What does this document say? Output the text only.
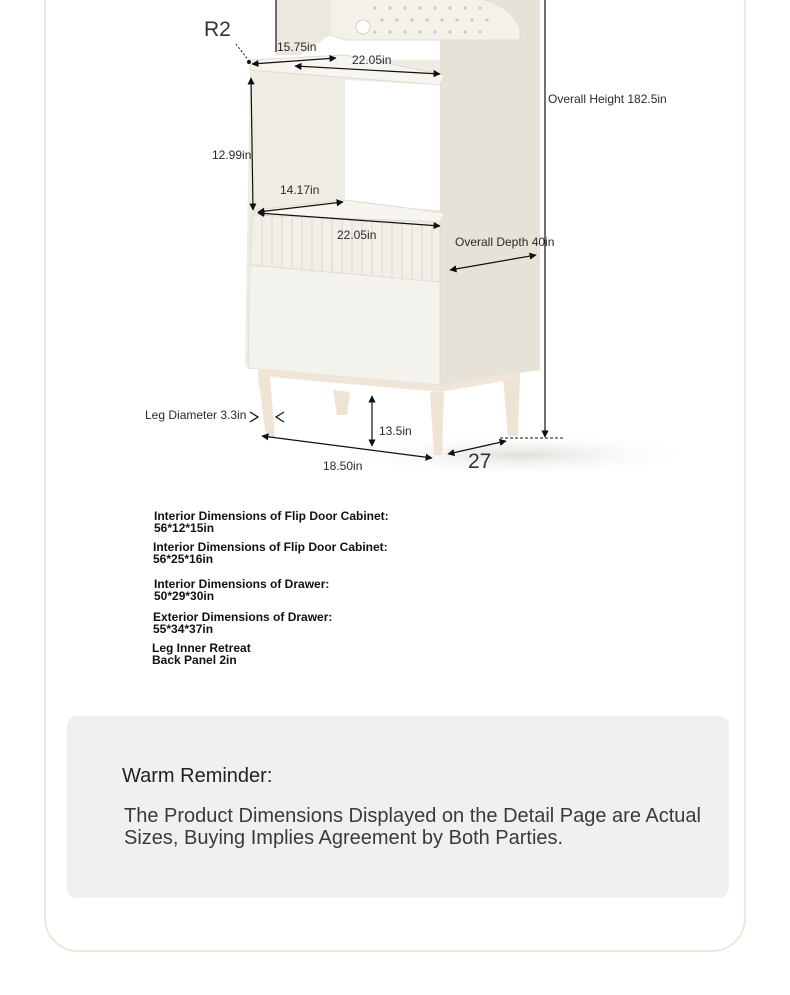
R2
15.75in
22.05in
Overall Height 182.5in
12.99in
14.17in
22.05in	Overall Depth 40in
Leg Diameter 3.3in
13.5in
18.50in	27
Interior Dimensions of Flip Door Cabinet:
56*12*15in
Interior Dimensions of Flip Door Cabinet:
56*25*16in
Interior Dimensions of Drawer:
50*29*30in
Exterior Dimensions of Drawer:
55*34*37in
Leg Inner Retreat
Back Panel 2in
Warm Reminder:
The Product Dimensions Displayed on the Detail Page are Actual Sizes, Buying Implies Agreement by Both Parties.
